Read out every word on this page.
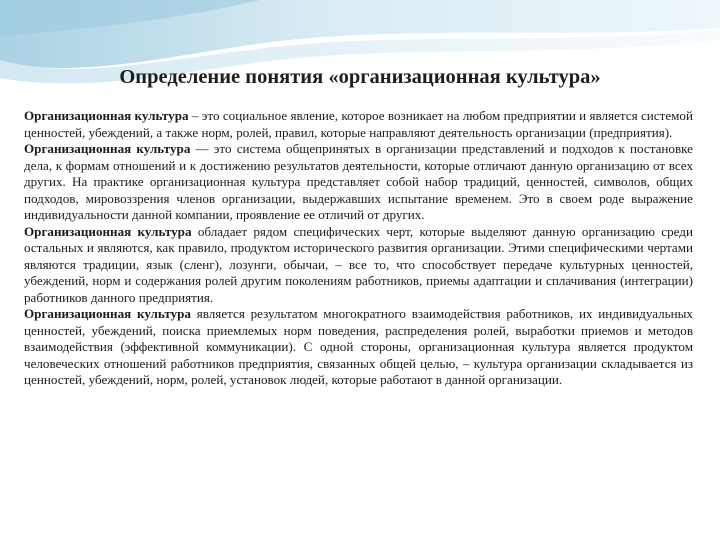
Определение понятия «организационная культура»

Организационная культура – это социальное явление, которое возникает на любом предприятии и является системой ценностей, убеждений, а также норм, ролей, правил, которые направляют деятельность организации (предприятия).

Организационная культура — это система общепринятых в организации представлений и подходов к постановке дела, к формам отношений и к достижению результатов деятельности, которые отличают данную организацию от всех других. На практике организационная культура представляет собой набор традиций, ценностей, символов, общих подходов, мировоззрения членов организации, выдержавших испытание временем. Это в своем роде выражение индивидуальности данной компании, проявление ее отличий от других.

Организационная культура обладает рядом специфических черт, которые выделяют данную организацию среди остальных и являются, как правило, продуктом исторического развития организации. Этими специфическими чертами являются традиции, язык (сленг), лозунги, обычаи, – все то, что способствует передаче культурных ценностей, убеждений, норм и содержания ролей другим поколениям работников, приемы адаптации и сплачивания (интеграции) работников данного предприятия.

Организационная культура является результатом многократного взаимодействия работников, их индивидуальных ценностей, убеждений, поиска приемлемых норм поведения, распределения ролей, выработки приемов и методов взаимодействия (эффективной коммуникации). С одной стороны, организационная культура является продуктом человеческих отношений работников предприятия, связанных общей целью, – культура организации складывается из ценностей, убеждений, норм, ролей, установок людей, которые работают в данной организации.
